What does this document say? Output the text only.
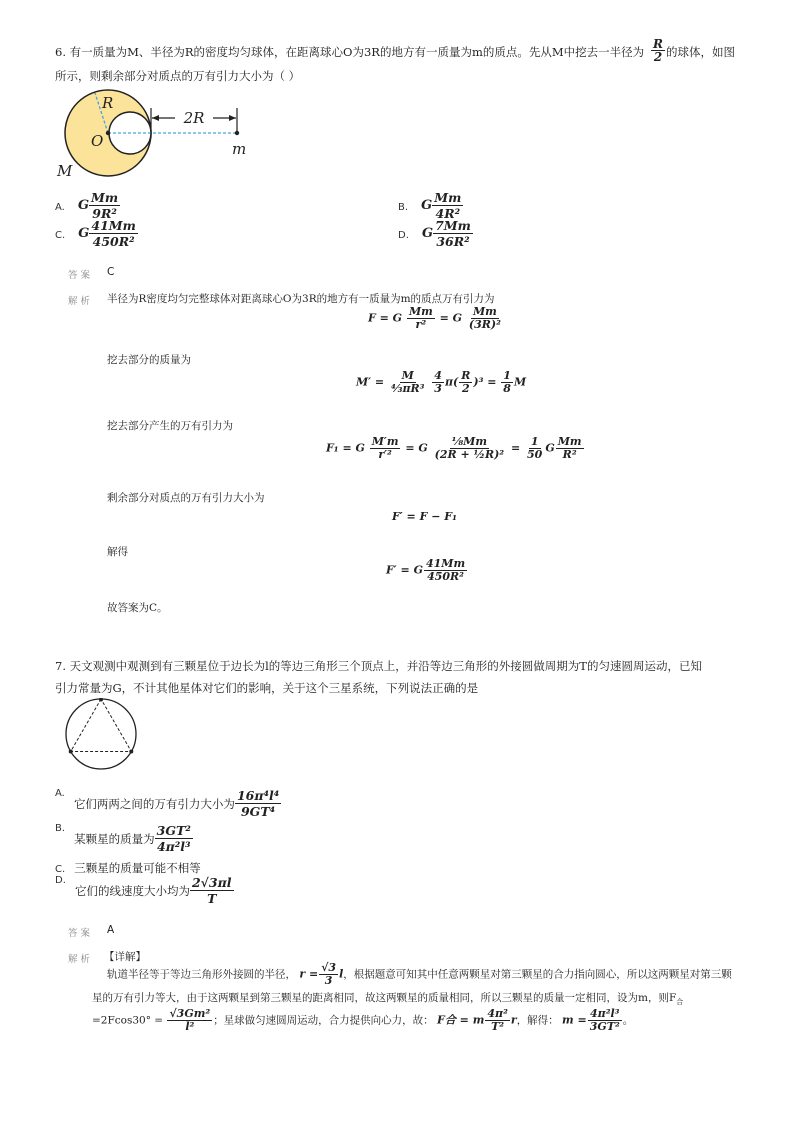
6. 有一质量为M、半径为R的密度均匀球体，在距离球心O为3R的地方有一质量为m的质点。先从M中挖去一半径为 $\frac{R}{2}$ 的球体，如图
所示，则剩余部分对质点的万有引力大小为（ ）
2R
R
O
M
m
A. G $\frac{Mm}{\text{9R²}}$	B. G $\frac{Mm}{\text{4R²}}$
C. G $\frac{41Mm}{\text{450R²}}$	D. G $\frac{7Mm}{\text{36R²}}$
答案 C
解析 半径为R密度均匀完整球体对距离球心O为3R的地方有一质量为m的质点万有引力为
F = G $\frac{Mm}{\text{r²}} = G \frac{Mm}{\text{(3R)²}}$
挖去部分的质量为
$M' = \frac{M}{\text{⁴⁄₃πR³}}$
$\frac{4}{3} \pi( \frac{R}{2} )^3 = \frac{1}{8}$ M
挖去部分产生的万有引力为
F₁ = G $\frac{M'm}{\text{r′²}} = G \frac{\text{⅛Mm}}{\text{(2R + ½R)²}} = \frac{1}{50}$ G $\frac{Mm}{\text{R²}}$
剩余部分对质点的万有引力大小为
F′ = F − F₁
解得
F′ = G $\frac{41Mm}{\text{450R²}}$
故答案为C。
7. 天文观测中观测到有三颗星位于边长为l的等边三角形三个顶点上，并沿等边三角形的外接圆做周期为T的匀速圆周运动，已知
引力常量为G，不计其他星体对它们的影响，关于这个三星系统，下列说法正确的是
$^{A.}$ 它们两两之间的万有引力大小为 $\frac{\text{16π⁴l⁴}}{\text{9GT⁴}}$
$^{B.}$ 某颗星的质量为 $\frac{\text{3GT²}}{\text{4π²l³}}$
C. 三颗星的质量可能不相等
$^{D.}$ 它们的线速度大小均为 $\frac{2√3\pi l}{T}$
答案 A
解析 【详解】
轨道半径等于等边三角形外接圆的半径， $r = \frac{√3}{3}$ l，根据题意可知其中任意两颗星对第三颗星的合力指向圆心，所以这两颗星对第三颗
星的万有引力等大，由于这两颗星到第三颗星的距离相同，故这两颗星的质量相同，所以三颗星的质量一定相同，设为m，则$F_合$
$=2Fcos30^\circ = \frac{\text{√3Gm²}}{\text{l²}}$ ；星球做匀速圆周运动，合力提供向心力，故： F合 = m $\frac{\text{4π²}}{\text{T²}}$ r，解得： $m = \frac{\text{4π²l³}}{\text{3GT²}}$ 。
